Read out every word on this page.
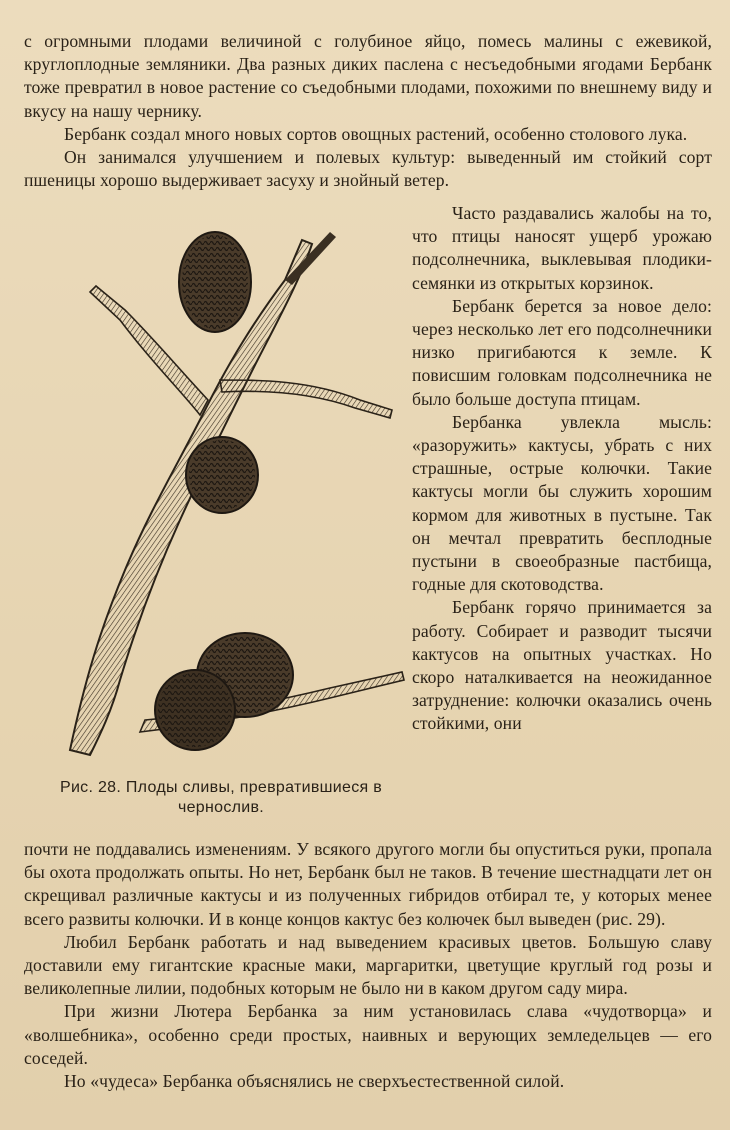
с огромными плодами величиной с голубиное яйцо, помесь малины с ежевикой, круглоплодные земляники. Два разных диких паслена с несъедобными ягодами Бербанк тоже превратил в новое растение со съедобными плодами, похожими по внешнему виду и вкусу на нашу чернику.

Бербанк создал много новых сортов овощных растений, особенно столового лука.

Он занимался улучшением и полевых культур: выведенный им стойкий сорт пшеницы хорошо выдерживает засуху и знойный ветер.

Рис. 28. Плоды сливы, превратившиеся в чернослив.

Часто раздавались жалобы на то, что птицы наносят ущерб урожаю подсолнечника, выклевывая плодики-семянки из открытых корзинок.

Бербанк берется за новое дело: через несколько лет его подсолнечники низко пригибаются к земле. К повисшим головкам подсолнечника не было больше доступа птицам.

Бербанка увлекла мысль: «разоружить» кактусы, убрать с них страшные, острые колючки. Такие кактусы могли бы служить хорошим кормом для животных в пустыне. Так он мечтал превратить бесплодные пустыни в своеобразные пастбища, годные для скотоводства.

Бербанк горячо принимается за работу. Собирает и разводит тысячи кактусов на опытных участках. Но скоро наталкивается на неожиданное затруднение: колючки оказались очень стойкими, они

почти не поддавались изменениям. У всякого другого могли бы опуститься руки, пропала бы охота продолжать опыты. Но нет, Бербанк был не таков. В течение шестнадцати лет он скрещивал различные кактусы и из полученных гибридов отбирал те, у которых менее всего развиты колючки. И в конце концов кактус без колючек был выведен (рис. 29).

Любил Бербанк работать и над выведением красивых цветов. Большую славу доставили ему гигантские красные маки, маргаритки, цветущие круглый год розы и великолепные лилии, подобных которым не было ни в каком другом саду мира.

При жизни Лютера Бербанка за ним установилась слава «чудотворца» и «волшебника», особенно среди простых, наивных и верующих земледельцев — его соседей.

Но «чудеса» Бербанка объяснялись не сверхъестественной силой.
